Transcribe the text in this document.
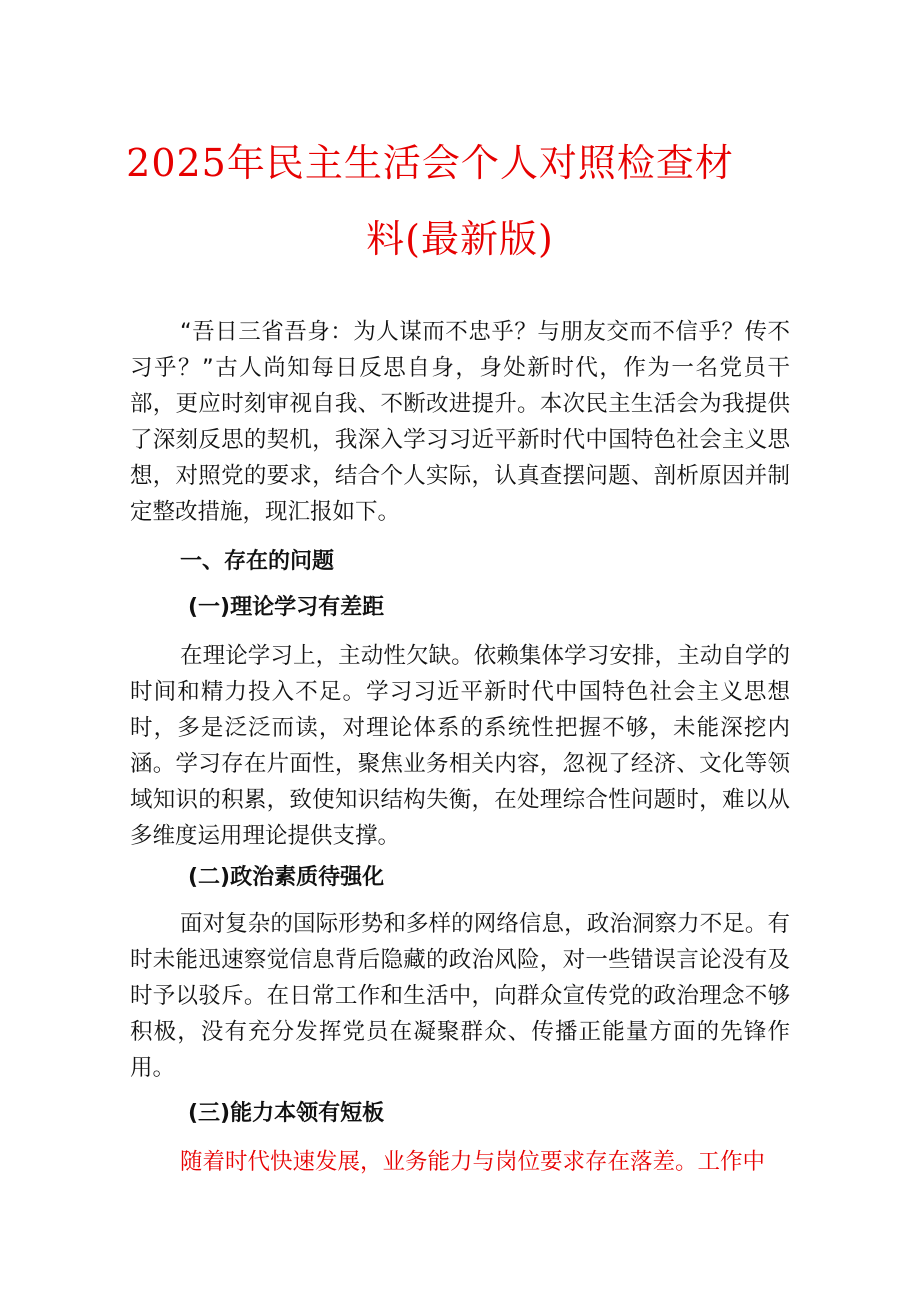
2025年民主生活会个人对照检查材
料(最新版)
“吾日三省吾身：为人谋而不忠乎？与朋友交而不信乎？传不习乎？”古人尚知每日反思自身，身处新时代，作为一名党员干部，更应时刻审视自我、不断改进提升。本次民主生活会为我提供了深刻反思的契机，我深入学习习近平新时代中国特色社会主义思想，对照党的要求，结合个人实际，认真查摆问题、剖析原因并制定整改措施，现汇报如下。
一、存在的问题
(一)理论学习有差距
在理论学习上，主动性欠缺。依赖集体学习安排，主动自学的时间和精力投入不足。学习习近平新时代中国特色社会主义思想时，多是泛泛而读，对理论体系的系统性把握不够，未能深挖内涵。学习存在片面性，聚焦业务相关内容，忽视了经济、文化等领域知识的积累，致使知识结构失衡，在处理综合性问题时，难以从多维度运用理论提供支撑。
(二)政治素质待强化
面对复杂的国际形势和多样的网络信息，政治洞察力不足。有时未能迅速察觉信息背后隐藏的政治风险，对一些错误言论没有及时予以驳斥。在日常工作和生活中，向群众宣传党的政治理念不够积极，没有充分发挥党员在凝聚群众、传播正能量方面的先锋作用。
(三)能力本领有短板
随着时代快速发展，业务能力与岗位要求存在落差。工作中
